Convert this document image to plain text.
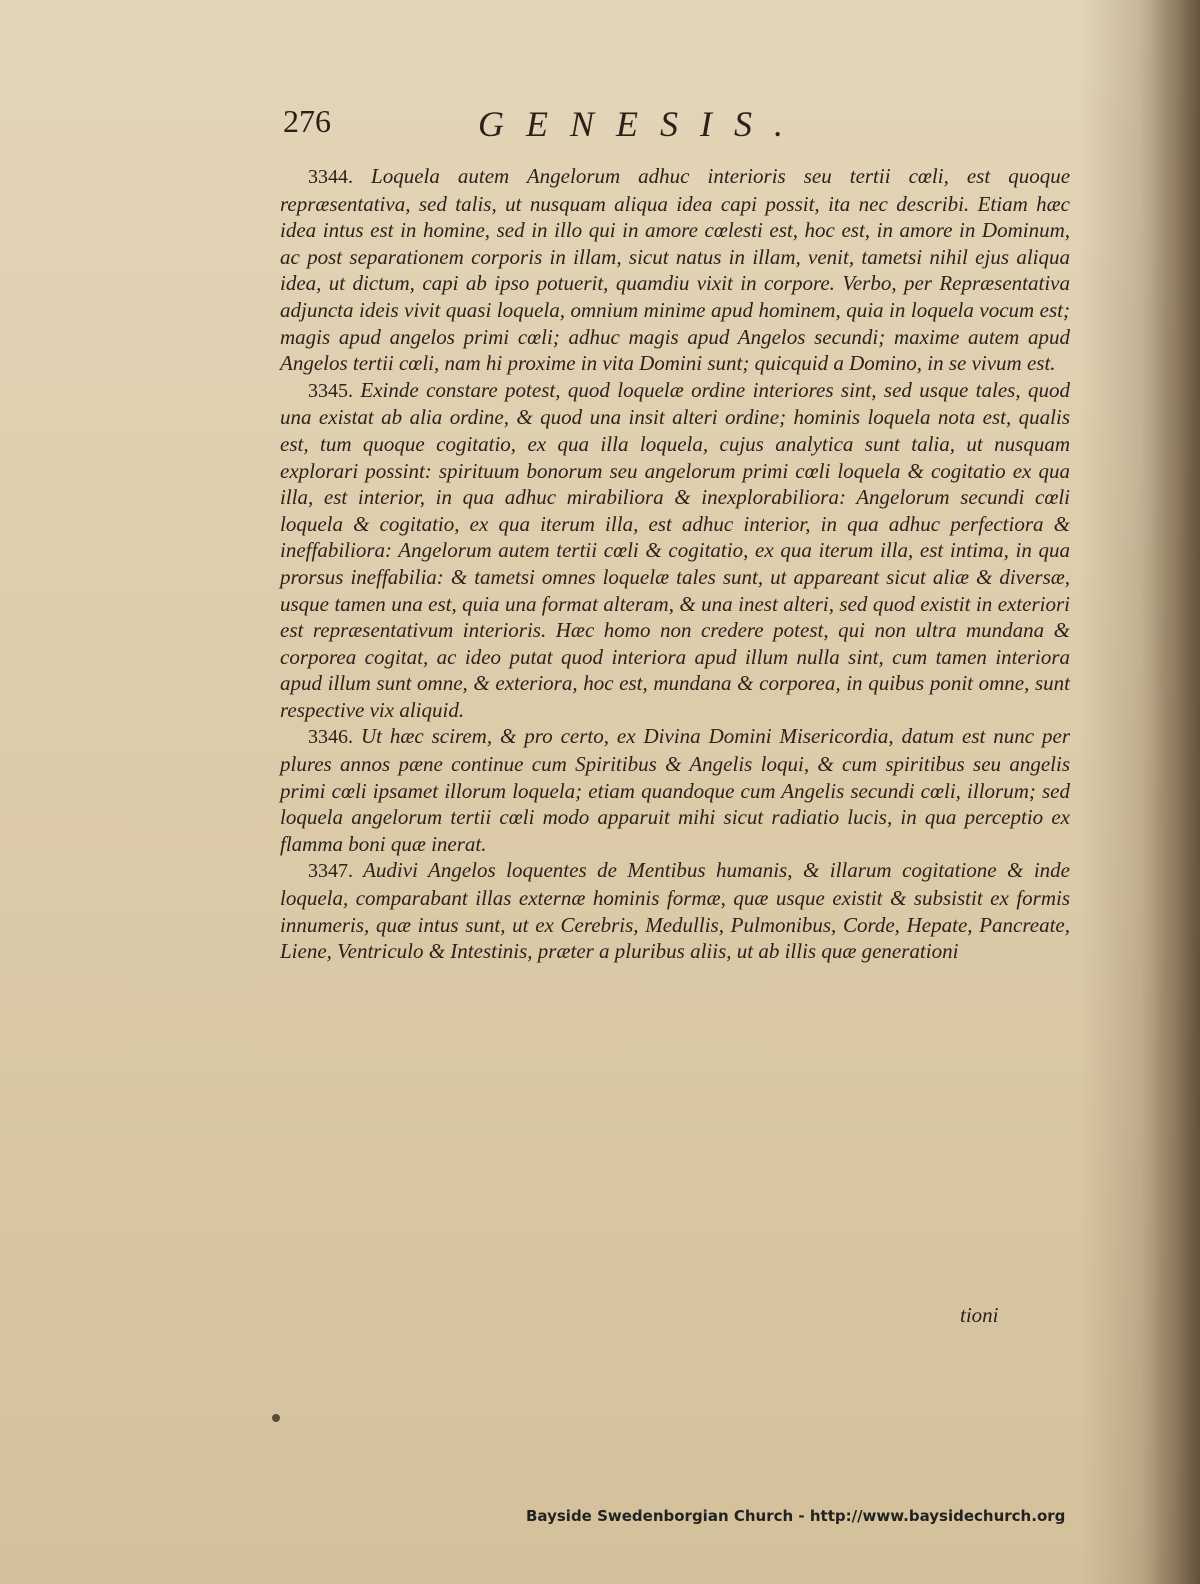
276	GENESIS.

3344. Loquela autem Angelorum adhuc interioris seu tertii cœli, est quoque repræsentativa, sed talis, ut nusquam aliqua idea capi possit, ita nec describi. Etiam hæc idea intus est in homine, sed in illo qui in amore cœlesti est, hoc est, in amore in Dominum, ac post separationem corporis in illam, sicut natus in illam, venit, tametsi nihil ejus aliqua idea, ut dictum, capi ab ipso potuerit, quamdiu vixit in corpore. Verbo, per Repræsentativa adjuncta ideis vivit quasi loquela, omnium minime apud hominem, quia in loquela vocum est; magis apud angelos primi cœli; adhuc magis apud Angelos secundi; maxime autem apud Angelos tertii cœli, nam hi proxime in vita Domini sunt; quicquid a Domino, in se vivum est.

3345. Exinde constare potest, quod loquelæ ordine interiores sint, sed usque tales, quod una existat ab alia ordine, & quod una insit alteri ordine; hominis loquela nota est, qualis est, tum quoque cogitatio, ex qua illa loquela, cujus analytica sunt talia, ut nusquam explorari possint: spirituum bonorum seu angelorum primi cœli loquela & cogitatio ex qua illa, est interior, in qua adhuc mirabiliora & inexplorabiliora: Angelorum secundi cœli loquela & cogitatio, ex qua iterum illa, est adhuc interior, in qua adhuc perfectiora & ineffabiliora: Angelorum autem tertii cœli & cogitatio, ex qua iterum illa, est intima, in qua prorsus ineffabilia: & tametsi omnes loquelæ tales sunt, ut appareant sicut aliæ & diversæ, usque tamen una est, quia una format alteram, & una inest alteri, sed quod existit in exteriori est repræsentativum interioris. Hæc homo non credere potest, qui non ultra mundana & corporea cogitat, ac ideo putat quod interiora apud illum nulla sint, cum tamen interiora apud illum sunt omne, & exteriora, hoc est, mundana & corporea, in quibus ponit omne, sunt respective vix aliquid.

3346. Ut hæc scirem, & pro certo, ex Divina Domini Misericordia, datum est nunc per plures annos pæne continue cum Spiritibus & Angelis loqui, & cum spiritibus seu angelis primi cœli ipsamet illorum loquela; etiam quandoque cum Angelis secundi cœli, illorum; sed loquela angelorum tertii cœli modo apparuit mihi sicut radiatio lucis, in qua perceptio ex flamma boni quæ inerat.

3347. Audivi Angelos loquentes de Mentibus humanis, & illarum cogitatione & inde loquela, comparabant illas externæ hominis formæ, quæ usque existit & subsistit ex formis innumeris, quæ intus sunt, ut ex Cerebris, Medullis, Pulmonibus, Corde, Hepate, Pancreate, Liene, Ventriculo & Intestinis, præter a pluribus aliis, ut ab illis quæ generationi

tioni
Bayside Swedenborgian Church - http://www.baysidechurch.org
